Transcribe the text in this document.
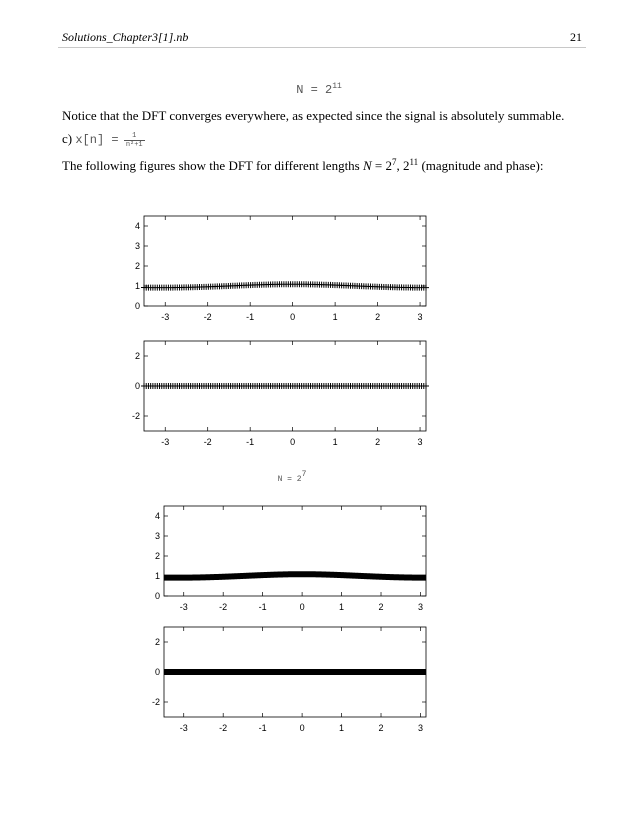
Solutions_Chapter3[1].nb	21
$N = 2^{11}$
Notice that the DFT converges everywhere, as expected since the signal is absolutely summable.
c) $x[n] = \frac{1}{\text{n²+1}}$
The following figures show the DFT for different lengths $N = 2^7$, $2^{11}$ (magnitude and phase):
$N = 2^7$
-3	-2	-1	0	1	2	3
0
1
2
3
4
-3	-2	-1	0	1	2	3
-2
0
2
-3	-2	-1	0	1	2	3
0
1
2
3
4
-3	-2	-1	0	1	2	3
-2
0
2
